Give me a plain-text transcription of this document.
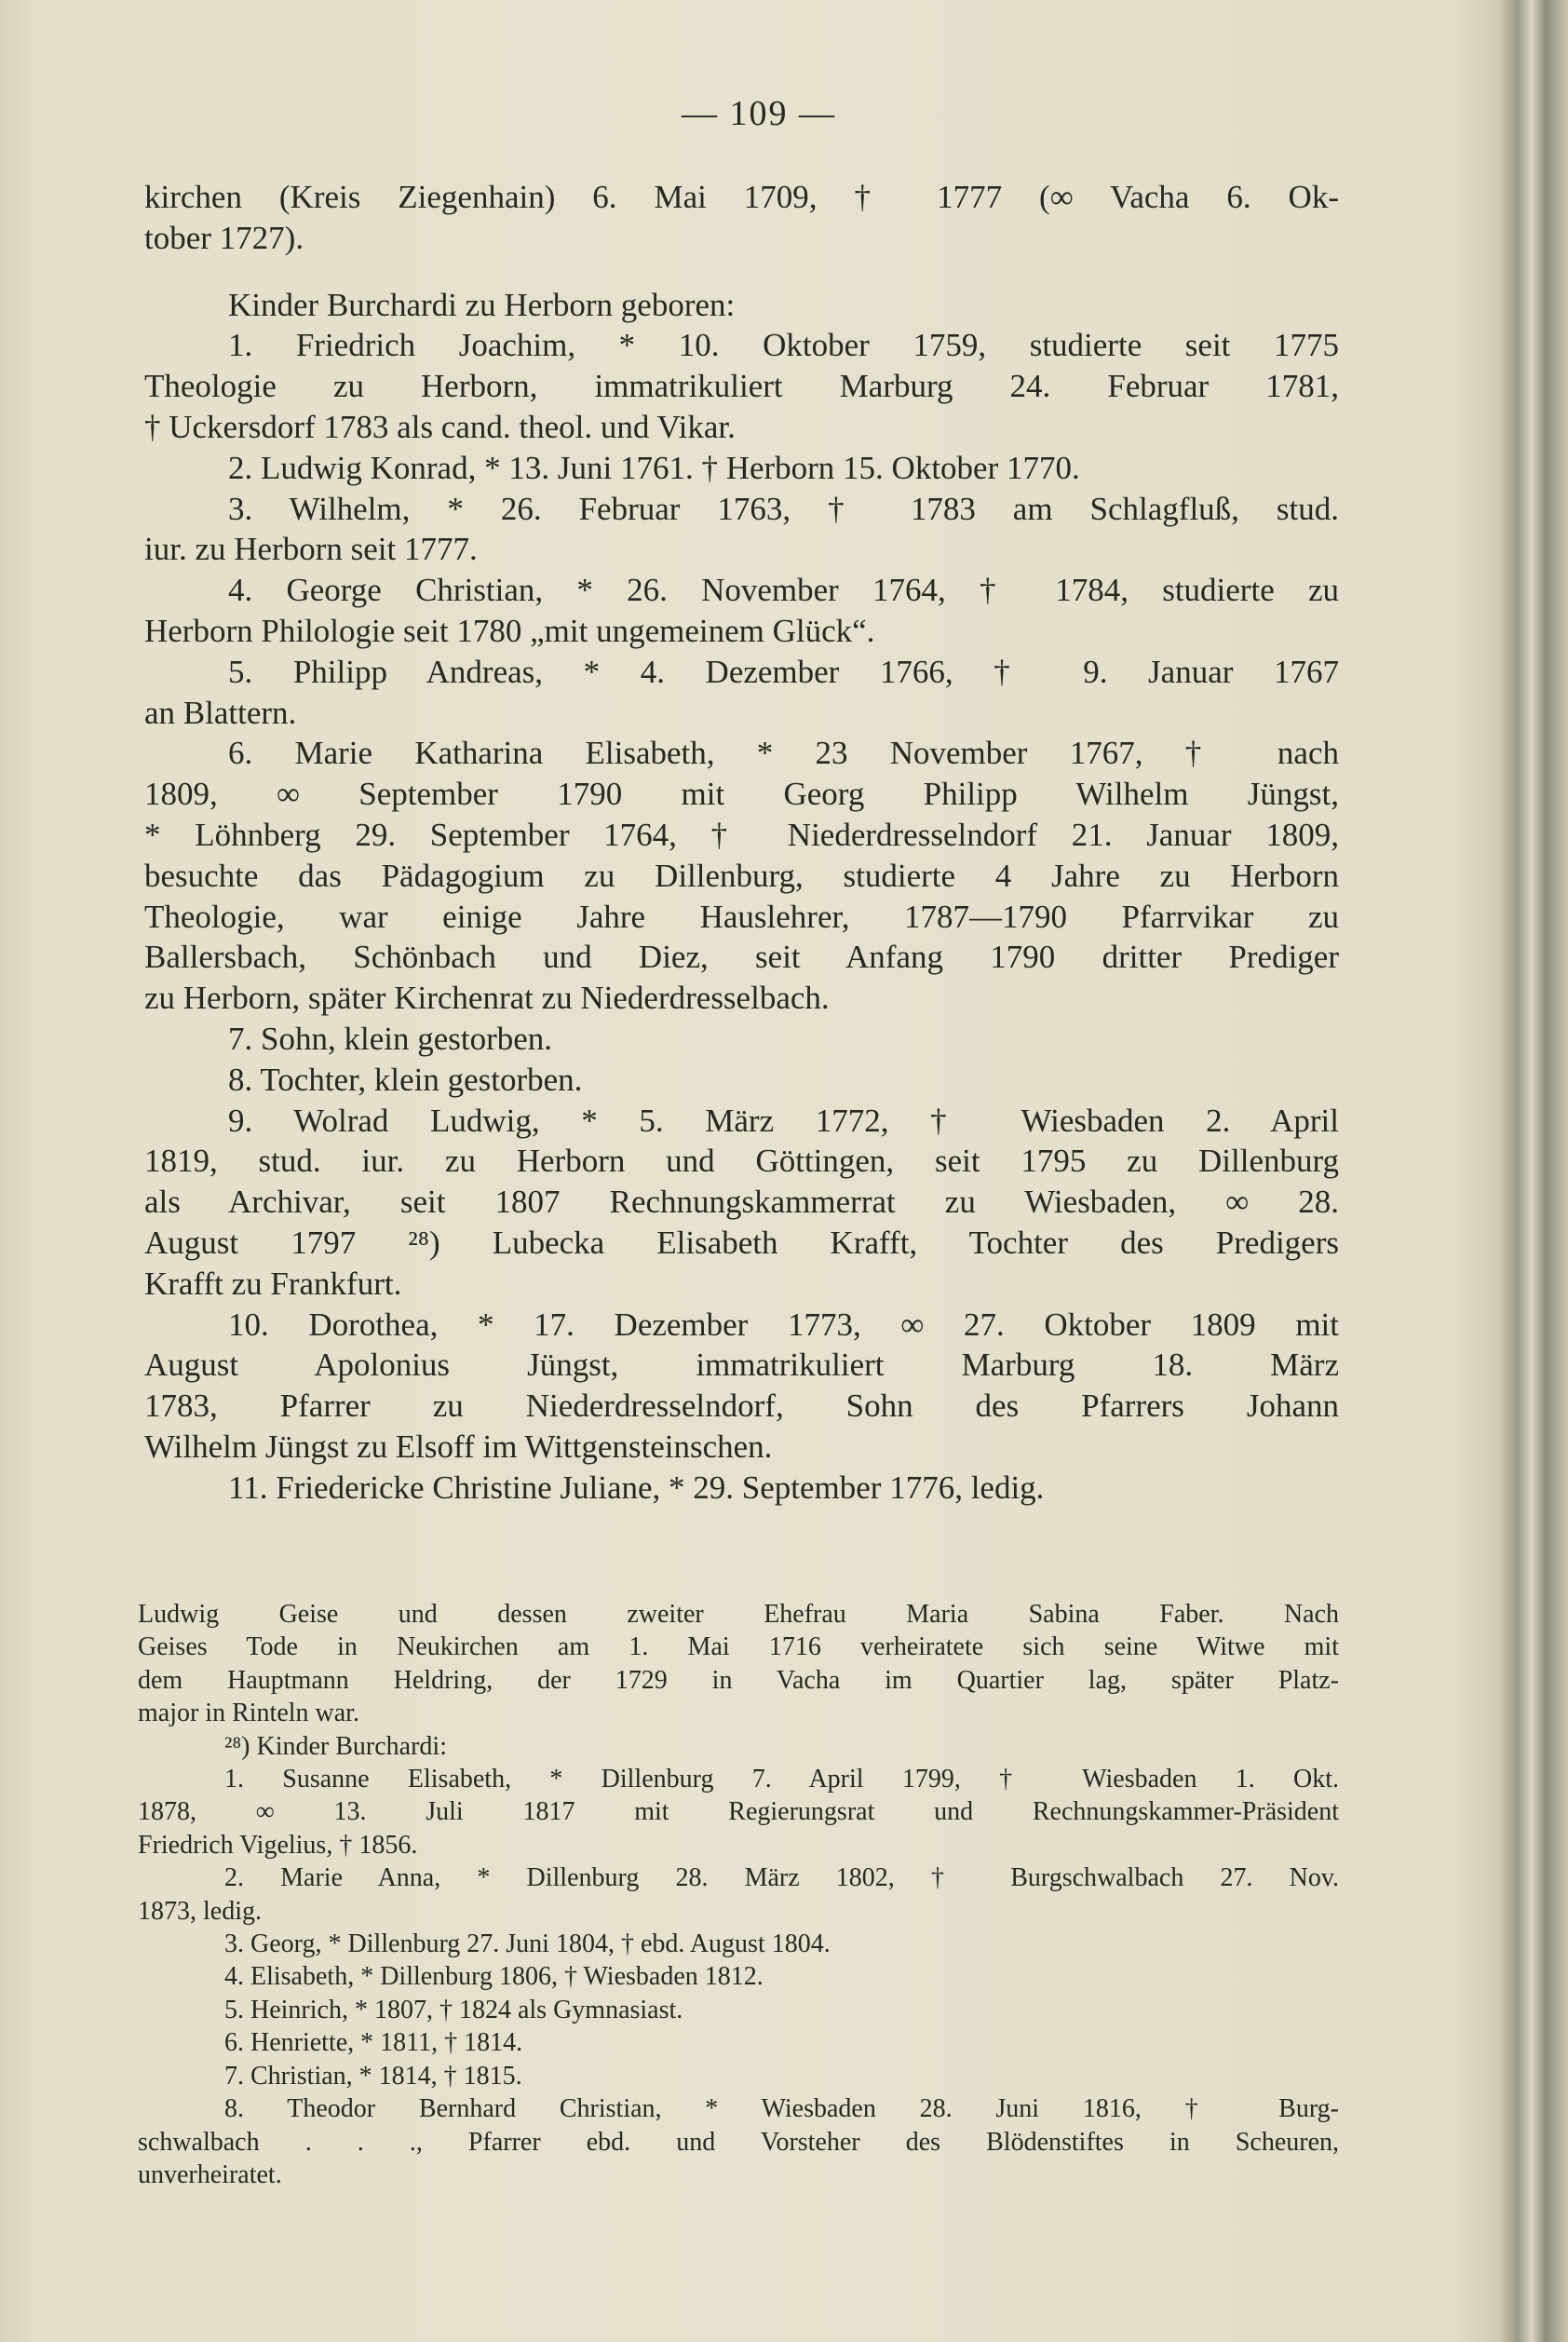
— 109 —
kirchen (Kreis Ziegenhain) 6. Mai 1709, † 1777 (∞ Vacha 6. Ok-
tober 1727).
Kinder Burchardi zu Herborn geboren:
1. Friedrich Joachim, * 10. Oktober 1759, studierte seit 1775
Theologie zu Herborn, immatrikuliert Marburg 24. Februar 1781,
† Uckersdorf 1783 als cand. theol. und Vikar.
2. Ludwig Konrad, * 13. Juni 1761. † Herborn 15. Oktober 1770.
3. Wilhelm, * 26. Februar 1763, † 1783 am Schlagfluß, stud.
iur. zu Herborn seit 1777.
4. George Christian, * 26. November 1764, † 1784, studierte zu
Herborn Philologie seit 1780 „mit ungemeinem Glück“.
5. Philipp Andreas, * 4. Dezember 1766, † 9. Januar 1767
an Blattern.
6. Marie Katharina Elisabeth, * 23 November 1767, † nach
1809, ∞ September 1790 mit Georg Philipp Wilhelm Jüngst,
* Löhnberg 29. September 1764, † Niederdresselndorf 21. Januar 1809,
besuchte das Pädagogium zu Dillenburg, studierte 4 Jahre zu Herborn
Theologie, war einige Jahre Hauslehrer, 1787—1790 Pfarrvikar zu
Ballersbach, Schönbach und Diez, seit Anfang 1790 dritter Prediger
zu Herborn, später Kirchenrat zu Niederdresselbach.
7. Sohn, klein gestorben.
8. Tochter, klein gestorben.
9. Wolrad Ludwig, * 5. März 1772, † Wiesbaden 2. April
1819, stud. iur. zu Herborn und Göttingen, seit 1795 zu Dillenburg
als Archivar, seit 1807 Rechnungskammerrat zu Wiesbaden, ∞ 28.
August 1797 ²⁸) Lubecka Elisabeth Krafft, Tochter des Predigers
Krafft zu Frankfurt.
10. Dorothea, * 17. Dezember 1773, ∞ 27. Oktober 1809 mit
August Apolonius Jüngst, immatrikuliert Marburg 18. März
1783, Pfarrer zu Niederdresselndorf, Sohn des Pfarrers Johann
Wilhelm Jüngst zu Elsoff im Wittgensteinschen.
11. Friedericke Christine Juliane, * 29. September 1776, ledig.
Ludwig Geise und dessen zweiter Ehefrau Maria Sabina Faber. Nach
Geises Tode in Neukirchen am 1. Mai 1716 verheiratete sich seine Witwe mit
dem Hauptmann Heldring, der 1729 in Vacha im Quartier lag, später Platz-
major in Rinteln war.
²⁸) Kinder Burchardi:
1. Susanne Elisabeth, * Dillenburg 7. April 1799, † Wiesbaden 1. Okt.
1878, ∞ 13. Juli 1817 mit Regierungsrat und Rechnungskammer-Präsident
Friedrich Vigelius, † 1856.
2. Marie Anna, * Dillenburg 28. März 1802, † Burgschwalbach 27. Nov.
1873, ledig.
3. Georg, * Dillenburg 27. Juni 1804, † ebd. August 1804.
4. Elisabeth, * Dillenburg 1806, † Wiesbaden 1812.
5. Heinrich, * 1807, † 1824 als Gymnasiast.
6. Henriette, * 1811, † 1814.
7. Christian, * 1814, † 1815.
8. Theodor Bernhard Christian, * Wiesbaden 28. Juni 1816, † Burg-
schwalbach . . ., Pfarrer ebd. und Vorsteher des Blödenstiftes in Scheuren,
unverheiratet.
